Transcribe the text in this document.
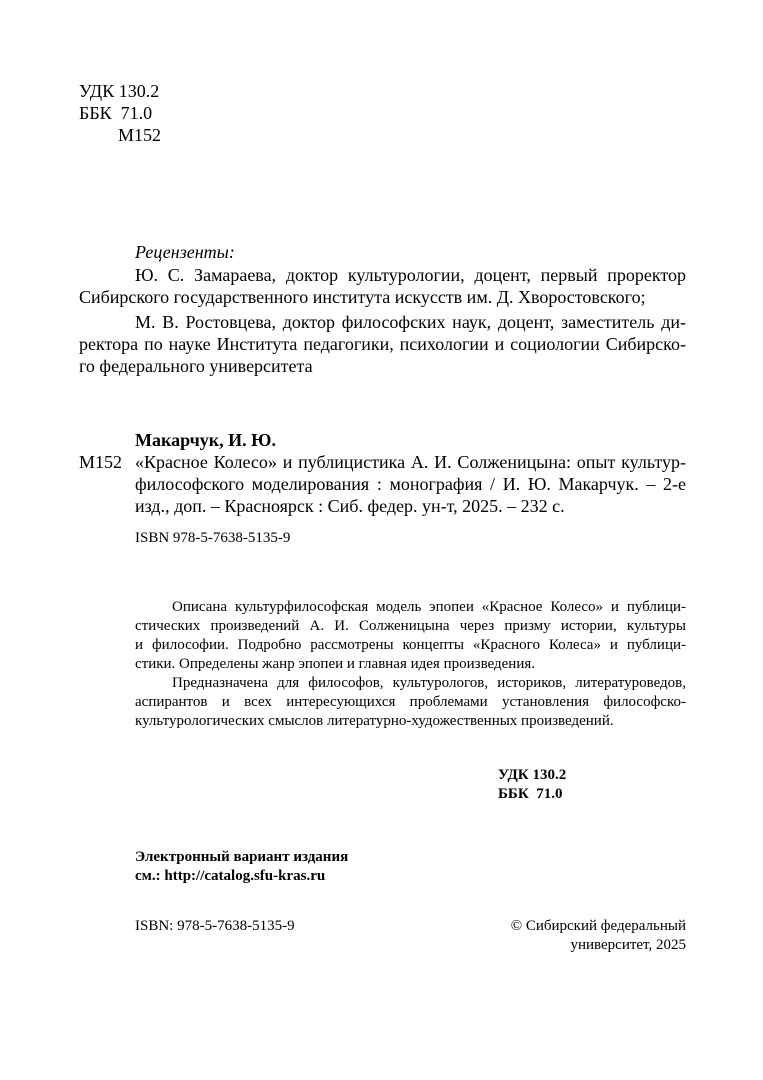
УДК 130.2
ББК  71.0
М152
Рецензенты:
Ю. С. Замараева, доктор культурологии, доцент, первый проректор
Сибирского государственного института искусств им. Д. Хворостовского;
М. В. Ростовцева, доктор философских наук, доцент, заместитель ди-
ректора по науке Института педагогики, психологии и социологии Сибирско-
го федерального университета
Макарчук, И. Ю.
М152 «Красное Колесо» и публицистика А. И. Солженицына: опыт культур-
философского моделирования : монография / И. Ю. Макарчук. – 2-е
изд., доп. – Красноярск : Сиб. федер. ун-т, 2025. – 232 с.
ISBN 978-5-7638-5135-9
Описана культурфилософская модель эпопеи «Красное Колесо» и публици-
стических произведений А. И. Солженицына через призму истории, культуры
и философии. Подробно рассмотрены концепты «Красного Колеса» и публици-
стики. Определены жанр эпопеи и главная идея произведения.
Предназначена для философов, культурологов, историков, литературоведов,
аспирантов и всех интересующихся проблемами установления философско-
культурологических смыслов литературно-художественных произведений.
УДК 130.2
ББК  71.0
Электронный вариант издания
см.: http://catalog.sfu-kras.ru
ISBN: 978-5-7638-5135-9	© Сибирский федеральный
университет, 2025
